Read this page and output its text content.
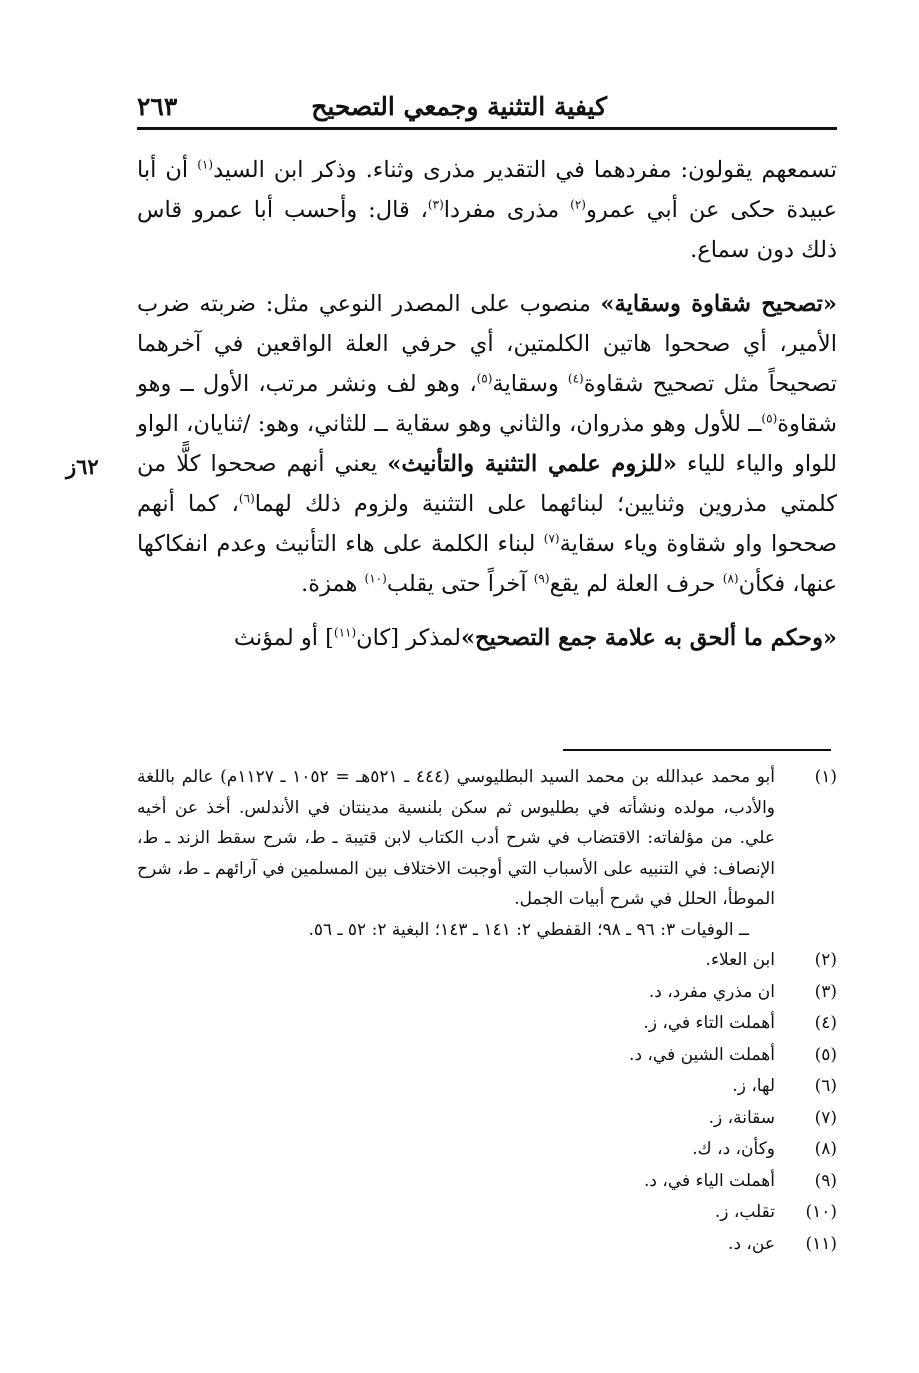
كيفية التثنية وجمعي التصحيح
٢٦٣
٦٢ز

تسمعهم يقولون: مفردهما في التقدير مذرى وثناء. وذكر ابن السيد$^{(١)}$ أن أبا عبيدة حكى عن أبي عمرو$^{(٢)}$ مذرى مفردا$^{(٣)}$، قال: وأحسب أبا عمرو قاس ذلك دون سماع.

«تصحيح شقاوة وسقاية» منصوب على المصدر النوعي مثل: ضربته ضرب الأمير، أي صححوا هاتين الكلمتين، أي حرفي العلة الواقعين في آخرهما تصحيحاً مثل تصحيح شقاوة$^{(٤)}$ وسقاية$^{(٥)}$، وهو لف ونشر مرتب، الأول ــ وهو شقاوة$^{(٥)}$ــ للأول وهو مذروان، والثاني وهو سقاية ــ للثاني، وهو: /ثنايان، الواو للواو والياء للياء «للزوم علمي التثنية والتأنيث» يعني أنهم صححوا كلًّا من كلمتي مذروين وثنايين؛ لبنائهما على التثنية ولزوم ذلك لهما$^{(٦)}$، كما أنهم صححوا واو شقاوة وياء سقاية$^{(٧)}$ لبناء الكلمة على هاء التأنيث وعدم انفكاكها عنها، فكأن$^{(٨)}$ حرف العلة لم يقع$^{(٩)}$ آخراً حتى يقلب$^{(١٠)}$ همزة.

«وحكم ما ألحق به علامة جمع التصحيح»لمذكر [كان$^{(١١)}$] أو لمؤنث

(١)
أبو محمد عبدالله بن محمد السيد البطليوسي (٤٤٤ ـ ٥٢١هـ = ١٠٥٢ ـ ١١٢٧م) عالم باللغة والأدب، مولده ونشأته في بطليوس ثم سكن بلنسية مدينتان في الأندلس. أخذ عن أخيه علي. من مؤلفاته: الاقتضاب في شرح أدب الكتاب لابن قتيبة ـ ط، شرح سقط الزند ـ ط، الإنصاف: في التنبيه على الأسباب التي أوجبت الاختلاف بين المسلمين في آرائهم ـ ط، شرح الموطأ، الحلل في شرح أبيات الجمل.
ــ الوفيات ٣: ٩٦ ـ ٩٨؛ القفطي ٢: ١٤١ ـ ١٤٣؛ البغية ٢: ٥٢ ـ ٥٦.
(٢)
ابن العلاء.
(٣)
ان مذري مفرد، د.
(٤)
أهملت التاء في، ز.
(٥)
أهملت الشين في، د.
(٦)
لها، ز.
(٧)
سقانة، ز.
(٨)
وكأن، د، ك.
(٩)
أهملت الياء في، د.
(١٠)
تقلب، ز.
(١١)
عن، د.
